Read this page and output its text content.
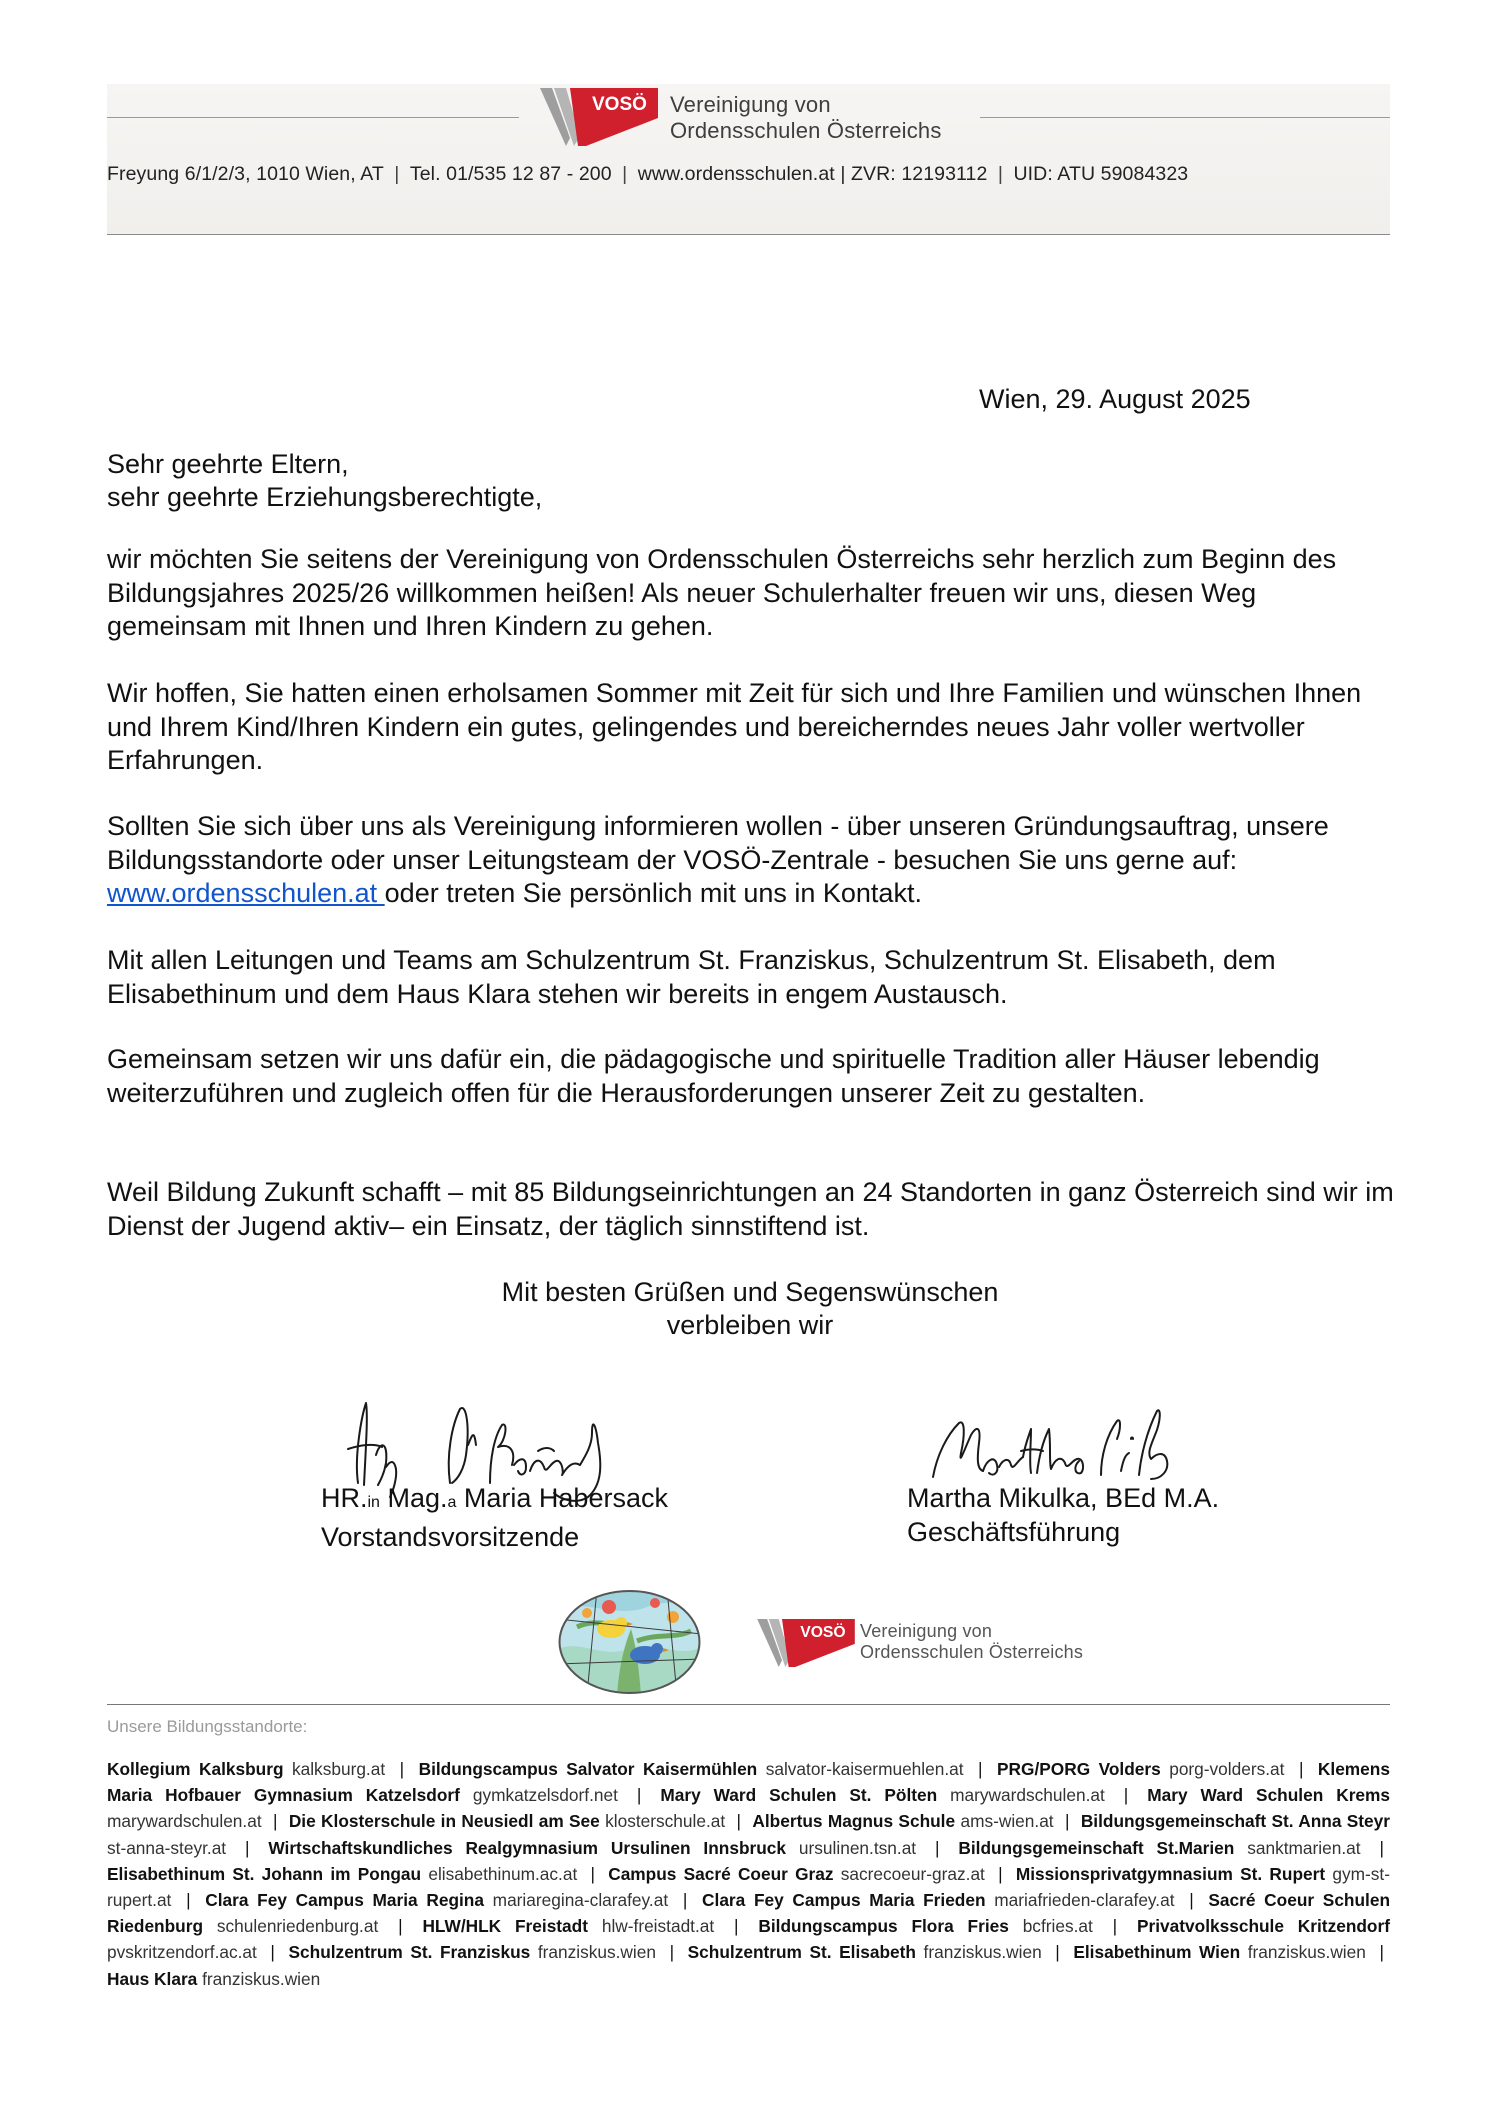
VOSÖ Vereinigung von
Ordensschulen Österreichs
Freyung 6/1/2/3, 1010 Wien, AT | Tel. 01/535 12 87 - 200 | www.ordensschulen.at | ZVR: 12193112 | UID: ATU 59084323
Wien, 29. August 2025
Sehr geehrte Eltern,
sehr geehrte Erziehungsberechtigte,
wir möchten Sie seitens der Vereinigung von Ordensschulen Österreichs sehr herzlich zum Beginn des Bildungsjahres 2025/26 willkommen heißen! Als neuer Schulerhalter freuen wir uns, diesen Weg gemeinsam mit Ihnen und Ihren Kindern zu gehen.
Wir hoffen, Sie hatten einen erholsamen Sommer mit Zeit für sich und Ihre Familien und wünschen Ihnen und Ihrem Kind/Ihren Kindern ein gutes, gelingendes und bereicherndes neues Jahr voller wertvoller Erfahrungen.
Sollten Sie sich über uns als Vereinigung informieren wollen - über unseren Gründungsauftrag, unsere Bildungsstandorte oder unser Leitungsteam der VOSÖ-Zentrale - besuchen Sie uns gerne auf: www.ordensschulen.at oder treten Sie persönlich mit uns in Kontakt.
Mit allen Leitungen und Teams am Schulzentrum St. Franziskus, Schulzentrum St. Elisabeth, dem Elisabethinum und dem Haus Klara stehen wir bereits in engem Austausch.
Gemeinsam setzen wir uns dafür ein, die pädagogische und spirituelle Tradition aller Häuser lebendig weiterzuführen und zugleich offen für die Herausforderungen unserer Zeit zu gestalten.
Weil Bildung Zukunft schafft – mit 85 Bildungseinrichtungen an 24 Standorten in ganz Österreich sind wir im Dienst der Jugend aktiv– ein Einsatz, der täglich sinnstiftend ist.
Mit besten Grüßen und Segenswünschen
verbleiben wir
HR.in Mag.a Maria Habersack
Vorstandsvorsitzende
Martha Mikulka, BEd M.A.
Geschäftsführung
VOSÖ Vereinigung von
Ordensschulen Österreichs
Unsere Bildungsstandorte:
Kollegium Kalksburg kalksburg.at | Bildungscampus Salvator Kaisermühlen salvator-kaisermuehlen.at | PRG/PORG Volders porg-volders.at | Klemens Maria Hofbauer Gymnasium Katzelsdorf gymkatzelsdorf.net | Mary Ward Schulen St. Pölten marywardschulen.at | Mary Ward Schulen Krems marywardschulen.at | Die Klosterschule in Neusiedl am See klosterschule.at | Albertus Magnus Schule ams-wien.at | Bildungsgemeinschaft St. Anna Steyr st-anna-steyr.at | Wirtschaftskundliches Realgymnasium Ursulinen Innsbruck ursulinen.tsn.at | Bildungsgemeinschaft St.Marien sanktmarien.at | Elisabethinum St. Johann im Pongau elisabethinum.ac.at | Campus Sacré Coeur Graz sacrecoeur-graz.at | Missionsprivatgymnasium St. Rupert gym-st-rupert.at | Clara Fey Campus Maria Regina mariaregina-clarafey.at | Clara Fey Campus Maria Frieden mariafrieden-clarafey.at | Sacré Coeur Schulen Riedenburg schulenriedenburg.at | HLW/HLK Freistadt hlw-freistadt.at | Bildungscampus Flora Fries bcfries.at | Privatvolksschule Kritzendorf pvskritzendorf.ac.at | Schulzentrum St. Franziskus franziskus.wien | Schulzentrum St. Elisabeth franziskus.wien | Elisabethinum Wien franziskus.wien | Haus Klara franziskus.wien
